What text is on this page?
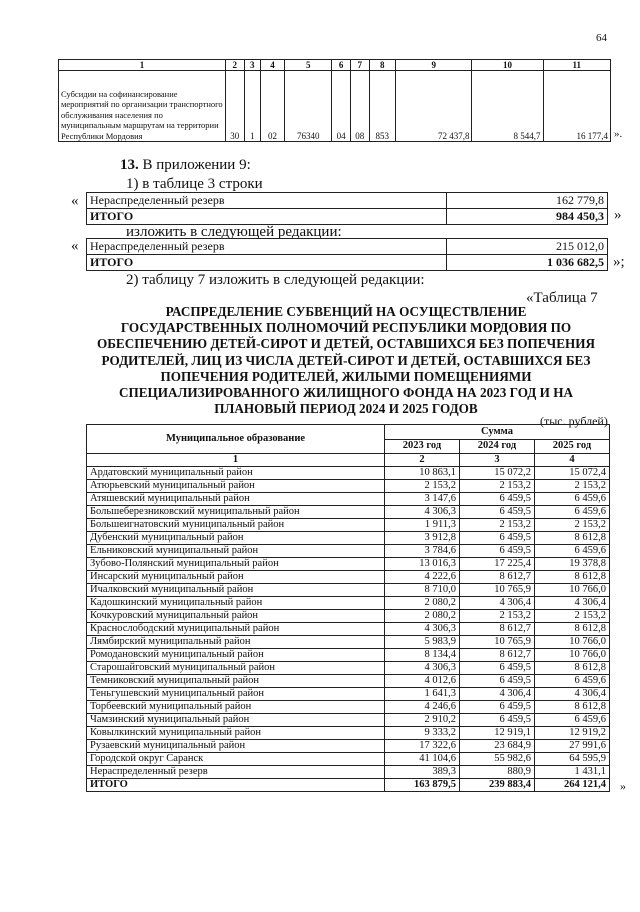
64
1	2	3	4	5	6	7	8	9	10	11
Субсидии на софинансирование мероприятий по организации транспортного обслуживания населения по муниципальным маршрутам на территории Республики Мордовия	30	1	02	76340	04	08	853	72 437,8	8 544,7	16 177,4 ».
13. В приложении 9:
1) в таблице 3 строки
« Нераспределенный резерв	162 779,8
ИТОГО	984 450,3 »
изложить в следующей редакции:
« Нераспределенный резерв	215 012,0
ИТОГО	1 036 682,5 »;
2) таблицу 7 изложить в следующей редакции:
«Таблица 7
РАСПРЕДЕЛЕНИЕ СУБВЕНЦИЙ НА ОСУЩЕСТВЛЕНИЕ ГОСУДАРСТВЕННЫХ ПОЛНОМОЧИЙ РЕСПУБЛИКИ МОРДОВИЯ ПО ОБЕСПЕЧЕНИЮ ДЕТЕЙ-СИРОТ И ДЕТЕЙ, ОСТАВШИХСЯ БЕЗ ПОПЕЧЕНИЯ РОДИТЕЛЕЙ, ЛИЦ ИЗ ЧИСЛА ДЕТЕЙ-СИРОТ И ДЕТЕЙ, ОСТАВШИХСЯ БЕЗ ПОПЕЧЕНИЯ РОДИТЕЛЕЙ, ЖИЛЫМИ ПОМЕЩЕНИЯМИ СПЕЦИАЛИЗИРОВАННОГО ЖИЛИЩНОГО ФОНДА НА 2023 ГОД И НА ПЛАНОВЫЙ ПЕРИОД 2024 И 2025 ГОДОВ
(тыс. рублей)
Муниципальное образование	Сумма		
	2023 год	2024 год	2025 год
1	2	3	4
Ардатовский муниципальный район	10 863,1	15 072,2	15 072,4
Атюрьевский муниципальный район	2 153,2	2 153,2	2 153,2
Атяшевский муниципальный район	3 147,6	6 459,5	6 459,6
Большеберезниковский муниципальный район	4 306,3	6 459,5	6 459,6
Большеигнатовский муниципальный район	1 911,3	2 153,2	2 153,2
Дубенский муниципальный район	3 912,8	6 459,5	8 612,8
Ельниковский муниципальный район	3 784,6	6 459,5	6 459,6
Зубово-Полянский муниципальный район	13 016,3	17 225,4	19 378,8
Инсарский муниципальный район	4 222,6	8 612,7	8 612,8
Ичалковский муниципальный район	8 710,0	10 765,9	10 766,0
Кадошкинский муниципальный район	2 080,2	4 306,4	4 306,4
Кочкуровский муниципальный район	2 080,2	2 153,2	2 153,2
Краснослободский муниципальный район	4 306,3	8 612,7	8 612,8
Лямбирский муниципальный район	5 983,9	10 765,9	10 766,0
Ромодановский муниципальный район	8 134,4	8 612,7	10 766,0
Старошайговский муниципальный район	4 306,3	6 459,5	8 612,8
Темниковский муниципальный район	4 012,6	6 459,5	6 459,6
Теньгушевский муниципальный район	1 641,3	4 306,4	4 306,4
Торбеевский муниципальный район	4 246,6	6 459,5	8 612,8
Чамзинский муниципальный район	2 910,2	6 459,5	6 459,6
Ковылкинский муниципальный район	9 333,2	12 919,1	12 919,2
Рузаевский муниципальный район	17 322,6	23 684,9	27 991,6
Городской округ Саранск	41 104,6	55 982,6	64 595,9
Нераспределенный резерв	389,3	880,9	1 431,1
ИТОГО	163 879,5	239 883,4	264 121,4 »
